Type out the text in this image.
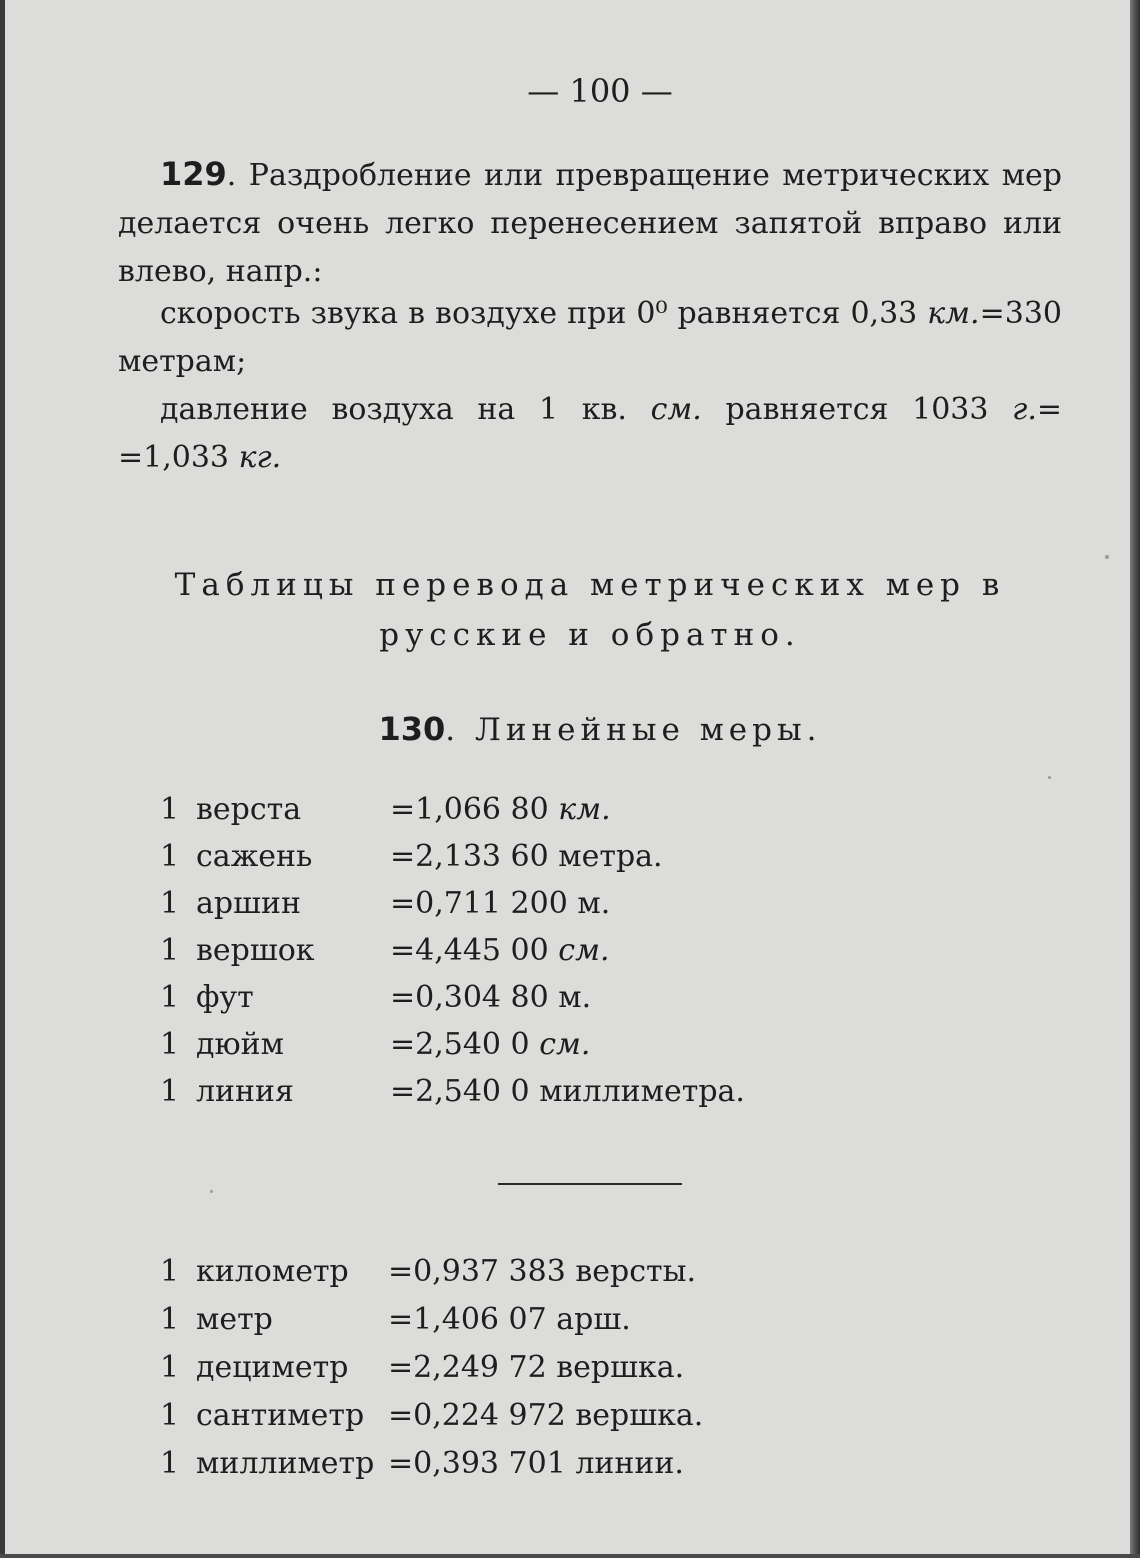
— 100 —
129. Раздробление или превращение метрических мер делается очень легко перенесением запятой вправо или влево, напр.:
скорость звука в воздухе при 0⁰ равняется 0,33 км.=330 метрам;
давление воздуха на 1 кв. см. равняется 1033 г.= =1,033 кг.
Таблицы перевода метрических мер в русские и обратно.
130. Линейные меры.
1 верста	=1,066 80 км.
1 сажень	=2,133 60 метра.
1 аршин	=0,711 200 м.
1 вершок	=4,445 00 см.
1 фут	=0,304 80 м.
1 дюйм	=2,540 0 см.
1 линия	=2,540 0 миллиметра.
1 километр =0,937 383 версты.
1 метр	=1,406 07 арш.
1 дециметр =2,249 72 вершка.
1 сантиметр =0,224 972 вершка.
1 миллиметр =0,393 701 линии.
